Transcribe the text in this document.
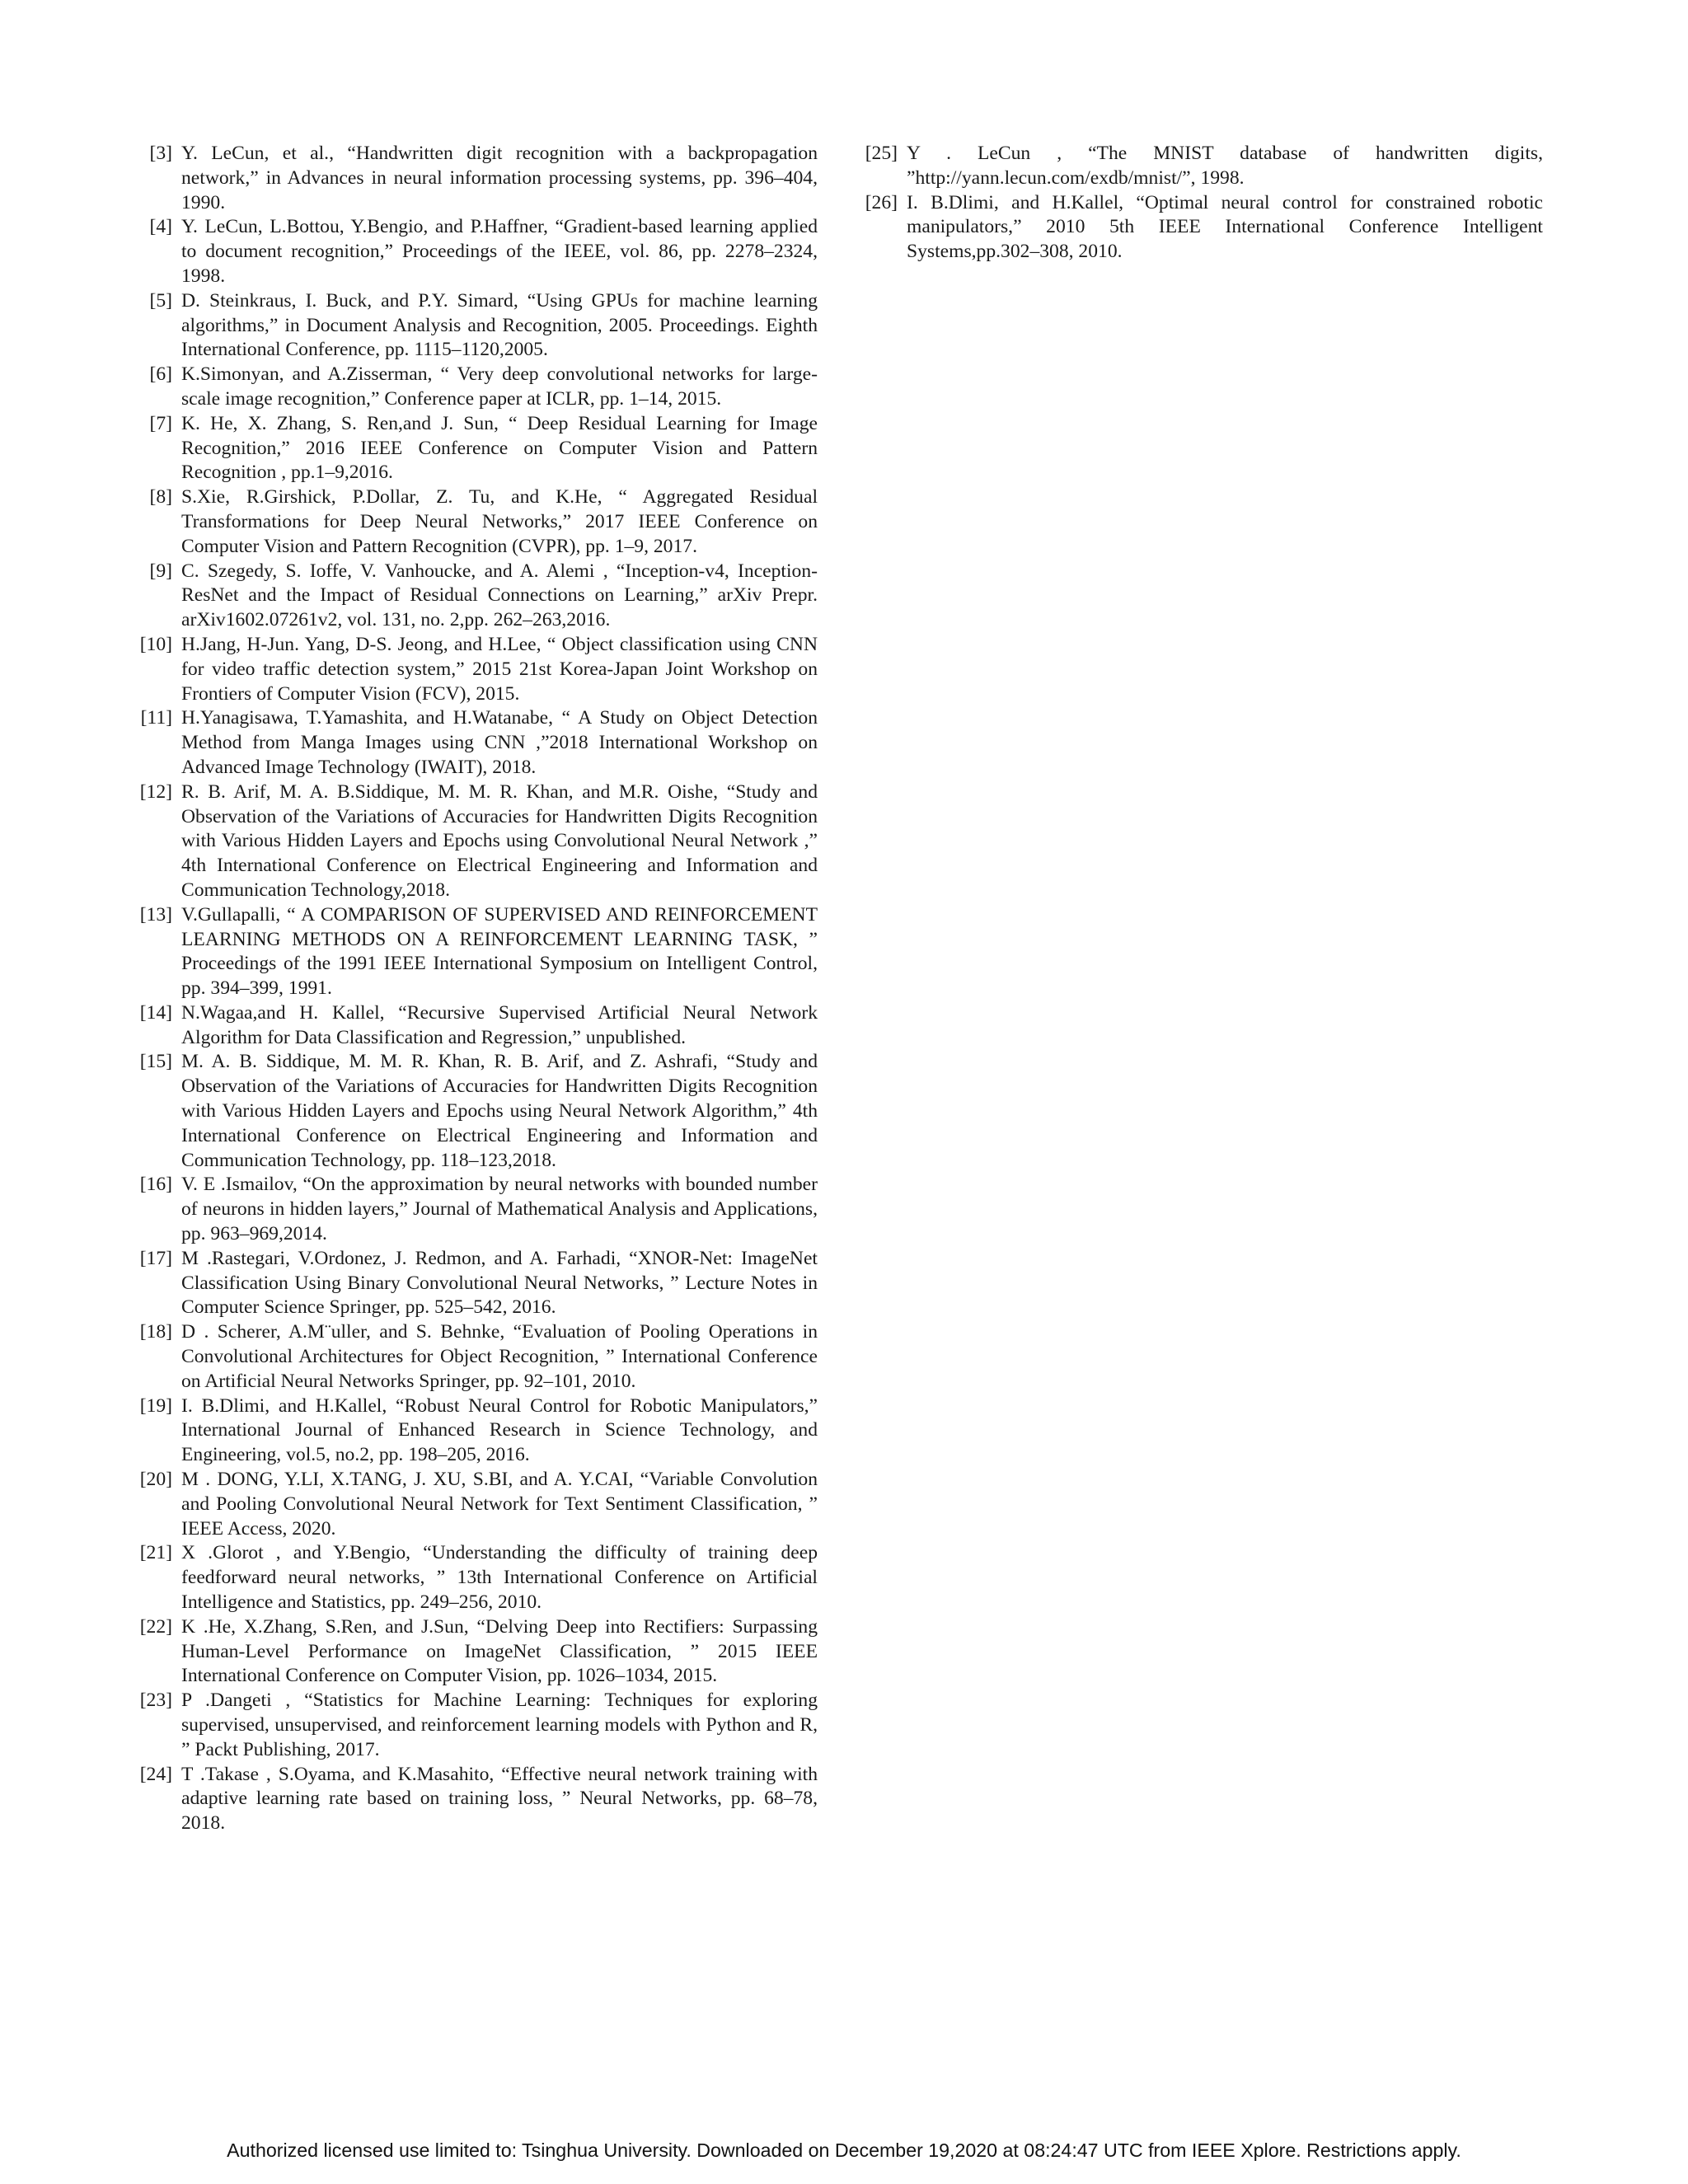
[3] Y. LeCun, et al., “Handwritten digit recognition with a backpropagation network,” in Advances in neural information processing systems, pp. 396–404, 1990.
[4] Y. LeCun, L.Bottou, Y.Bengio, and P.Haffner, “Gradient-based learning applied to document recognition,” Proceedings of the IEEE, vol. 86, pp. 2278–2324, 1998.
[5] D. Steinkraus, I. Buck, and P.Y. Simard, “Using GPUs for machine learning algorithms,” in Document Analysis and Recognition, 2005. Proceedings. Eighth International Conference, pp. 1115–1120,2005.
[6] K.Simonyan, and A.Zisserman, “ Very deep convolutional networks for large-scale image recognition,” Conference paper at ICLR, pp. 1–14, 2015.
[7] K. He, X. Zhang, S. Ren,and J. Sun, “ Deep Residual Learning for Image Recognition,” 2016 IEEE Conference on Computer Vision and Pattern Recognition , pp.1–9,2016.
[8] S.Xie, R.Girshick, P.Dollar, Z. Tu, and K.He, “ Aggregated Residual Transformations for Deep Neural Networks,” 2017 IEEE Conference on Computer Vision and Pattern Recognition (CVPR), pp. 1–9, 2017.
[9] C. Szegedy, S. Ioffe, V. Vanhoucke, and A. Alemi , “Inception-v4, Inception-ResNet and the Impact of Residual Connections on Learning,” arXiv Prepr. arXiv1602.07261v2, vol. 131, no. 2,pp. 262–263,2016.
[10] H.Jang, H-Jun. Yang, D-S. Jeong, and H.Lee, “ Object classification using CNN for video traffic detection system,” 2015 21st Korea-Japan Joint Workshop on Frontiers of Computer Vision (FCV), 2015.
[11] H.Yanagisawa, T.Yamashita, and H.Watanabe, “ A Study on Object Detection Method from Manga Images using CNN ,”2018 International Workshop on Advanced Image Technology (IWAIT), 2018.
[12] R. B. Arif, M. A. B.Siddique, M. M. R. Khan, and M.R. Oishe, “Study and Observation of the Variations of Accuracies for Handwritten Digits Recognition with Various Hidden Layers and Epochs using Convolutional Neural Network ,” 4th International Conference on Electrical Engineering and Information and Communication Technology,2018.
[13] V.Gullapalli, “ A COMPARISON OF SUPERVISED AND REINFORCEMENT LEARNING METHODS ON A REINFORCEMENT LEARNING TASK, ” Proceedings of the 1991 IEEE International Symposium on Intelligent Control, pp. 394–399, 1991.
[14] N.Wagaa,and H. Kallel, “Recursive Supervised Artificial Neural Network Algorithm for Data Classification and Regression,” unpublished.
[15] M. A. B. Siddique, M. M. R. Khan, R. B. Arif, and Z. Ashrafi, “Study and Observation of the Variations of Accuracies for Handwritten Digits Recognition with Various Hidden Layers and Epochs using Neural Network Algorithm,” 4th International Conference on Electrical Engineering and Information and Communication Technology, pp. 118–123,2018.
[16] V. E .Ismailov, “On the approximation by neural networks with bounded number of neurons in hidden layers,” Journal of Mathematical Analysis and Applications, pp. 963–969,2014.
[17] M .Rastegari, V.Ordonez, J. Redmon, and A. Farhadi, “XNOR-Net: ImageNet Classification Using Binary Convolutional Neural Networks, ” Lecture Notes in Computer Science Springer, pp. 525–542, 2016.
[18] D . Scherer, A.M¨uller, and S. Behnke, “Evaluation of Pooling Operations in Convolutional Architectures for Object Recognition, ” International Conference on Artificial Neural Networks Springer, pp. 92–101, 2010.
[19] I. B.Dlimi, and H.Kallel, “Robust Neural Control for Robotic Manipulators,” International Journal of Enhanced Research in Science Technology, and Engineering, vol.5, no.2, pp. 198–205, 2016.
[20] M . DONG, Y.LI, X.TANG, J. XU, S.BI, and A. Y.CAI, “Variable Convolution and Pooling Convolutional Neural Network for Text Sentiment Classification, ” IEEE Access, 2020.
[21] X .Glorot , and Y.Bengio, “Understanding the difficulty of training deep feedforward neural networks, ” 13th International Conference on Artificial Intelligence and Statistics, pp. 249–256, 2010.
[22] K .He, X.Zhang, S.Ren, and J.Sun, “Delving Deep into Rectifiers: Surpassing Human-Level Performance on ImageNet Classification, ” 2015 IEEE International Conference on Computer Vision, pp. 1026–1034, 2015.
[23] P .Dangeti , “Statistics for Machine Learning: Techniques for exploring supervised, unsupervised, and reinforcement learning models with Python and R, ” Packt Publishing, 2017.
[24] T .Takase , S.Oyama, and K.Masahito, “Effective neural network training with adaptive learning rate based on training loss, ” Neural Networks, pp. 68–78, 2018.
[25] Y . LeCun , “The MNIST database of handwritten digits, ”http://yann.lecun.com/exdb/mnist/”, 1998.
[26] I. B.Dlimi, and H.Kallel, “Optimal neural control for constrained robotic manipulators,” 2010 5th IEEE International Conference Intelligent Systems,pp.302–308, 2010.
Authorized licensed use limited to: Tsinghua University. Downloaded on December 19,2020 at 08:24:47 UTC from IEEE Xplore. Restrictions apply.
